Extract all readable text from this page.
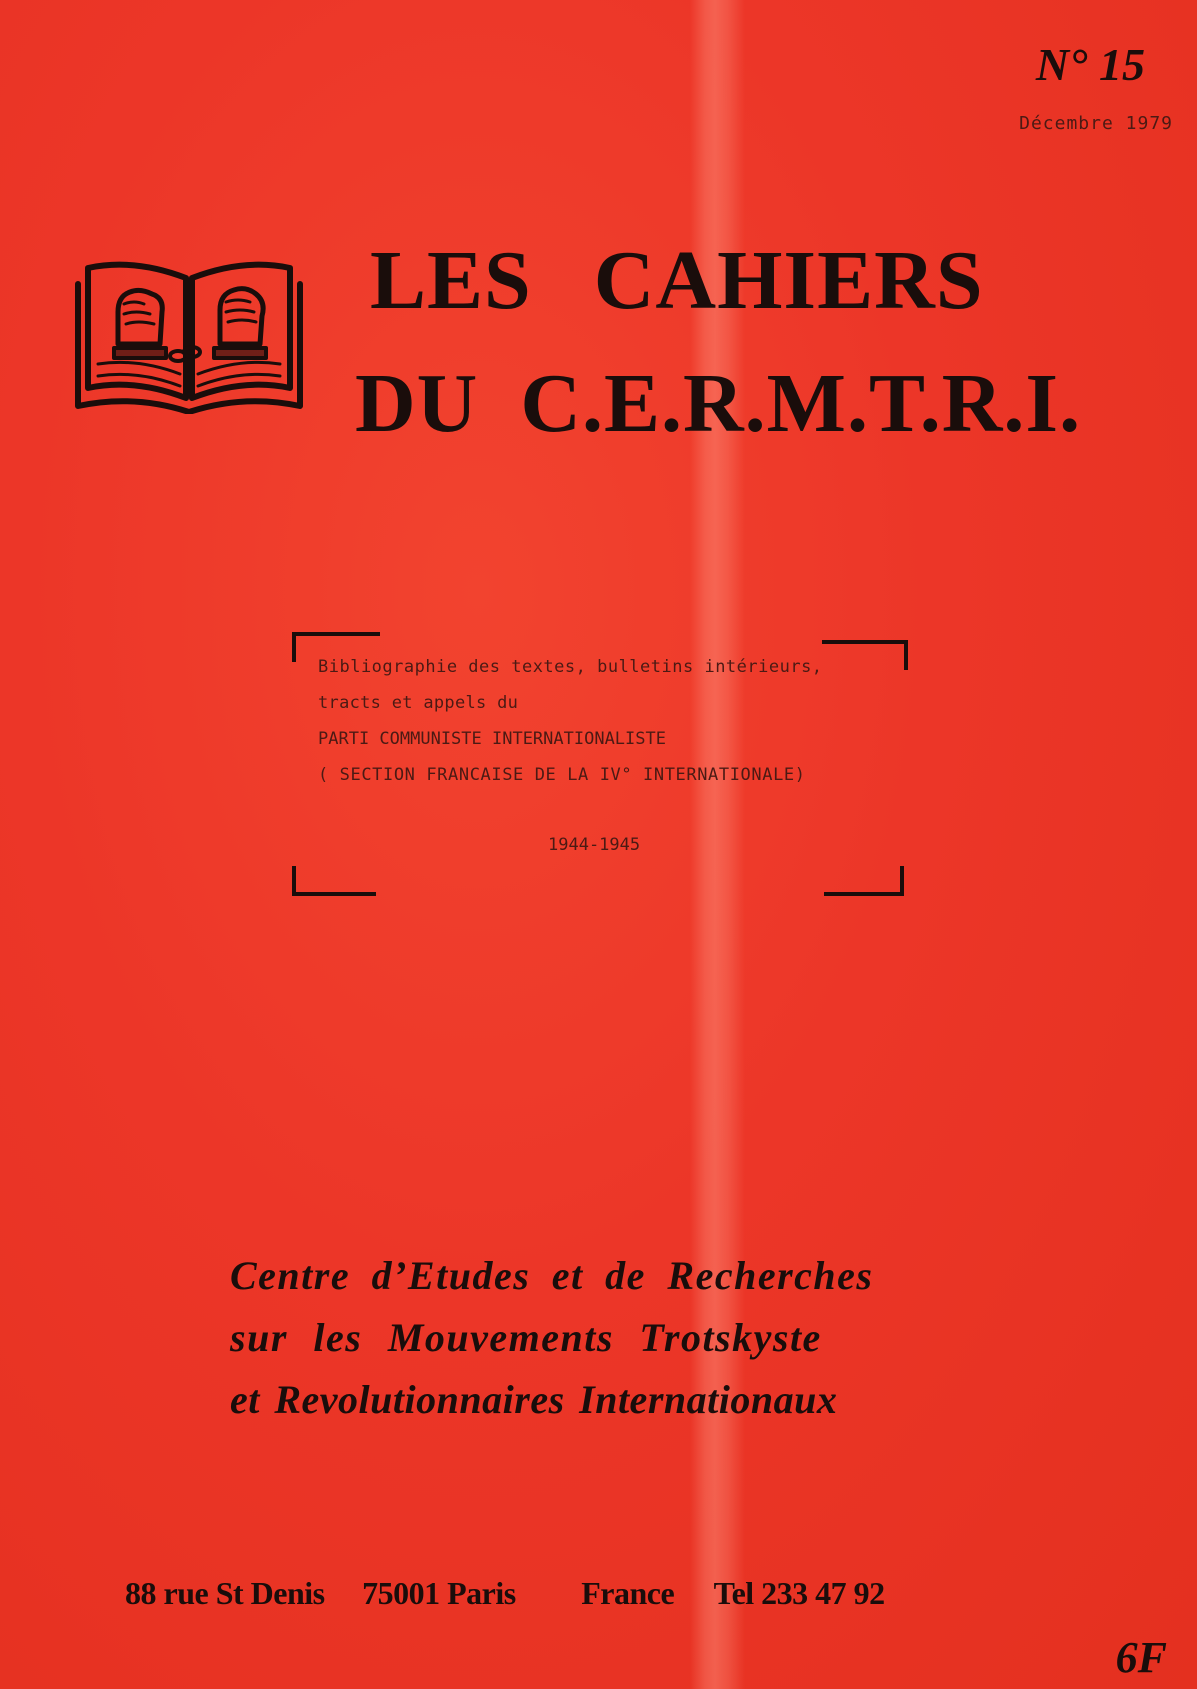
N° 15
Décembre 1979
LES CAHIERS
DU C.E.R.M.T.R.I.
Bibliographie des textes, bulletins intérieurs,
tracts et appels du
PARTI COMMUNISTE INTERNATIONALISTE
( SECTION FRANCAISE DE LA IV° INTERNATIONALE)
1944-1945
Centre d’Etudes et de Recherches
sur les Mouvements Trotskyste
et Revolutionnaires Internationaux
88 rue St Denis 75001 Paris France Tel 233 47 92
6F
